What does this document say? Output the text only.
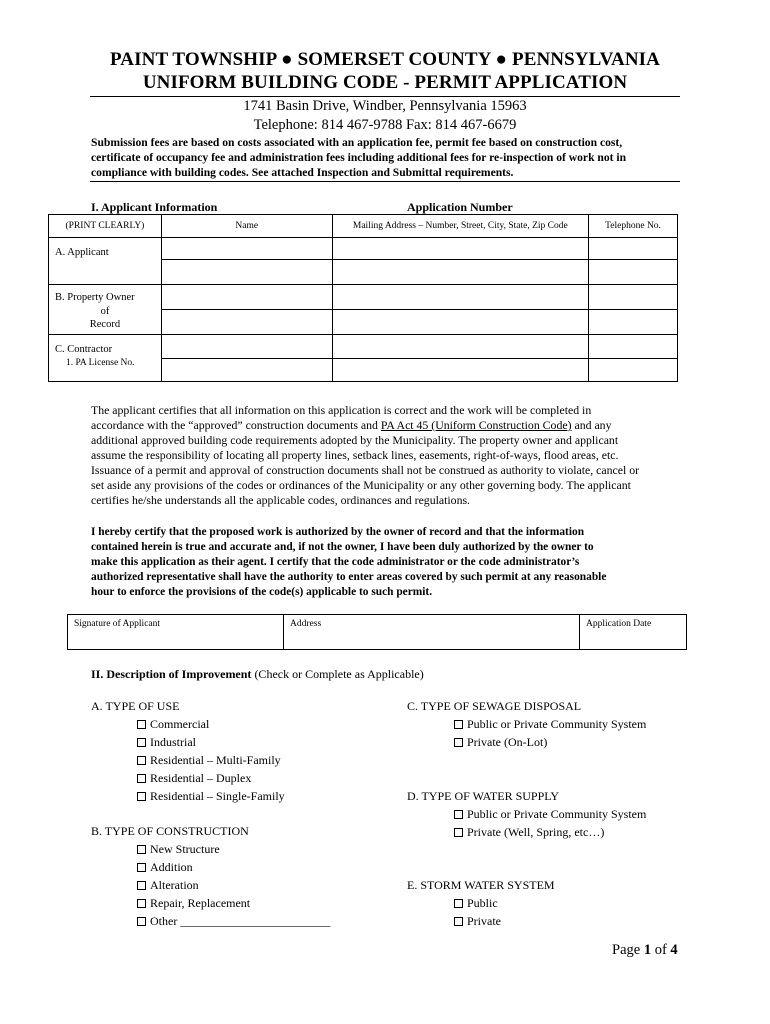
PAINT TOWNSHIP ● SOMERSET COUNTY ● PENNSYLVANIA
UNIFORM BUILDING CODE - PERMIT APPLICATION
1741 Basin Drive, Windber, Pennsylvania 15963
Telephone: 814 467-9788 Fax: 814 467-6679
Submission fees are based on costs associated with an application fee, permit fee based on construction cost,
certificate of occupancy fee and administration fees including additional fees for re-inspection of work not in
compliance with building codes. See attached Inspection and Submittal requirements.
I. Applicant Information	Application Number
(PRINT CLEARLY)	Name	Mailing Address – Number, Street, City, State, Zip Code	Telephone No.
A. Applicant			

B. Property Owner
of
Record			

C. Contractor
1. PA License No.			

The applicant certifies that all information on this application is correct and the work will be completed in
accordance with the “approved” construction documents and PA Act 45 (Uniform Construction Code) and any
additional approved building code requirements adopted by the Municipality. The property owner and applicant
assume the responsibility of locating all property lines, setback lines, easements, right-of-ways, flood areas, etc.
Issuance of a permit and approval of construction documents shall not be construed as authority to violate, cancel or
set aside any provisions of the codes or ordinances of the Municipality or any other governing body. The applicant
certifies he/she understands all the applicable codes, ordinances and regulations.
I hereby certify that the proposed work is authorized by the owner of record and that the information
contained herein is true and accurate and, if not the owner, I have been duly authorized by the owner to
make this application as their agent. I certify that the code administrator or the code administrator’s
authorized representative shall have the authority to enter areas covered by such permit at any reasonable
hour to enforce the provisions of the code(s) applicable to such permit.
Signature of Applicant	Address	Application Date
II. Description of Improvement (Check or Complete as Applicable)
A. TYPE OF USE
Commercial
Industrial
Residential – Multi-Family
Residential – Duplex
Residential – Single-Family
B. TYPE OF CONSTRUCTION
New Structure
Addition
Alteration
Repair, Replacement
Other _________________________
C. TYPE OF SEWAGE DISPOSAL
Public or Private Community System
Private (On-Lot)
D. TYPE OF WATER SUPPLY
Public or Private Community System
Private (Well, Spring, etc…)
E. STORM WATER SYSTEM
Public
Private
Page 1 of 4
